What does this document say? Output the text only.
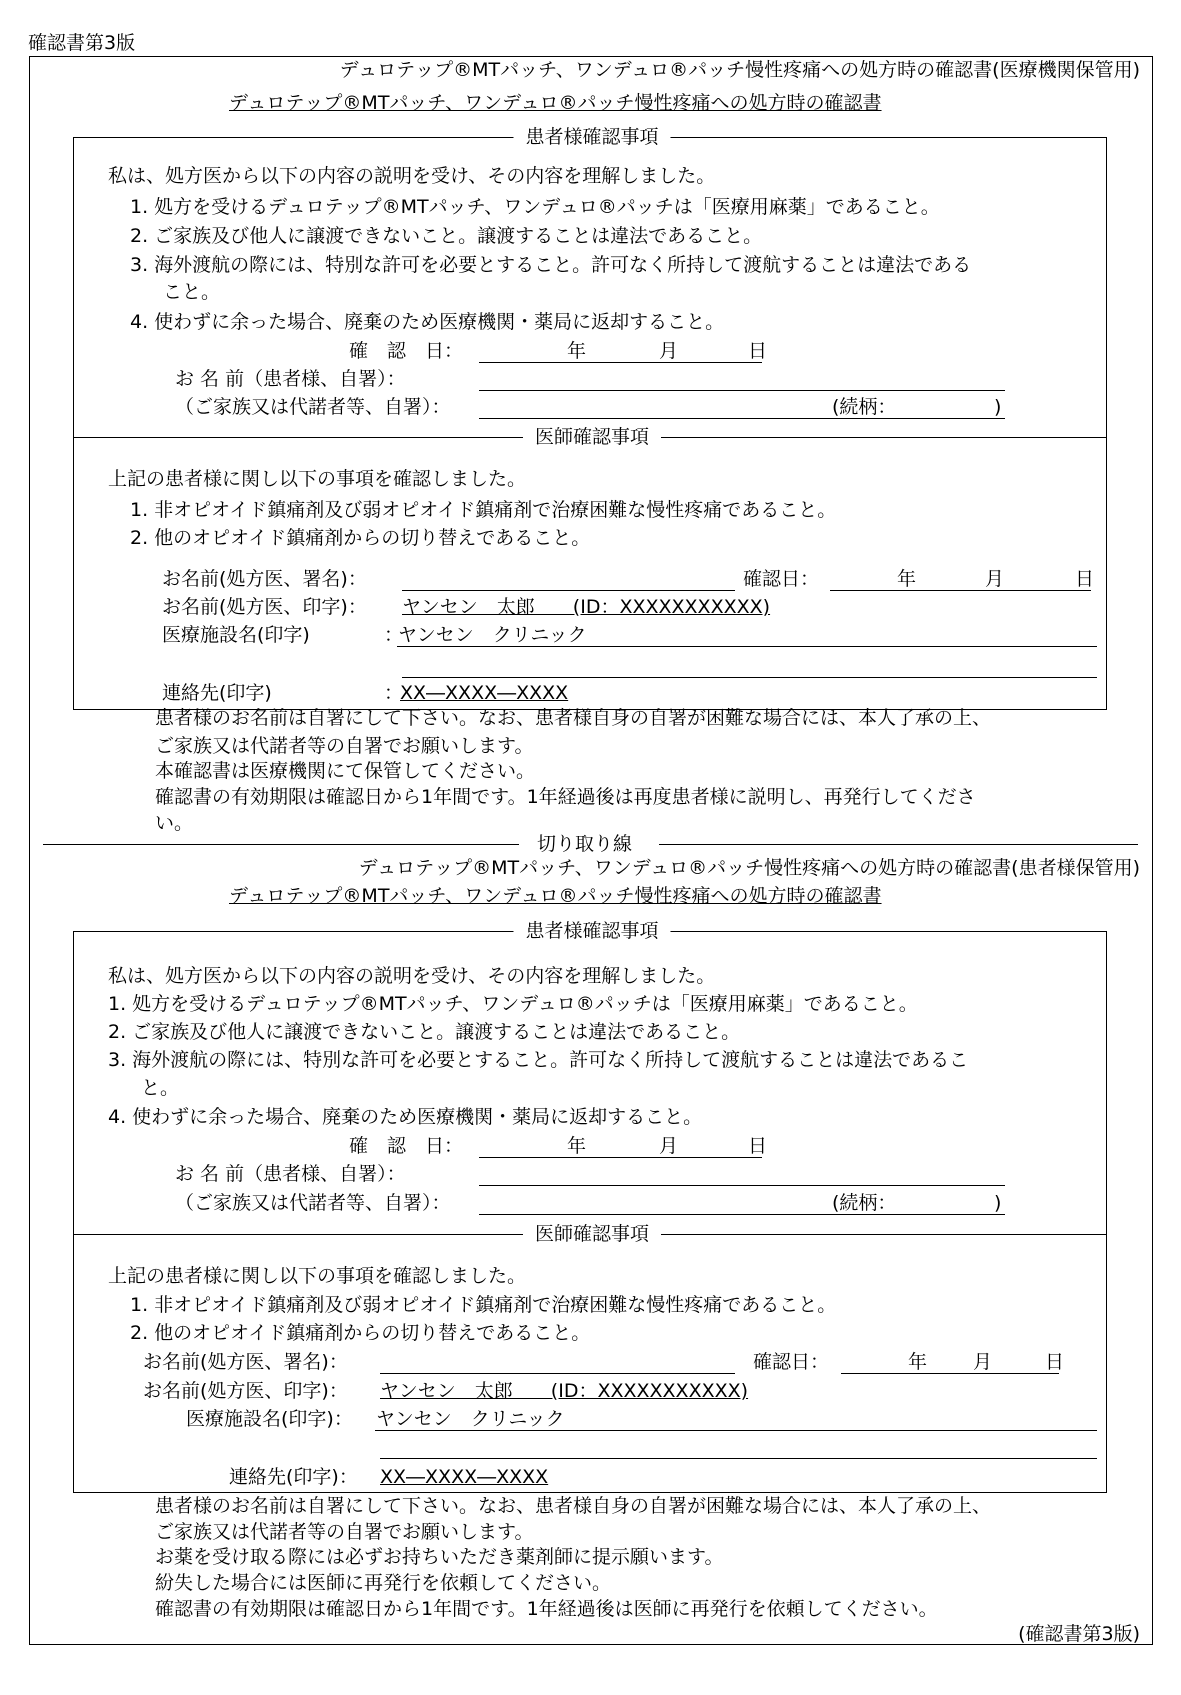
確認書第3版
デュロテップ®MTパッチ、ワンデュロ®パッチ慢性疼痛への処方時の確認書(医療機関保管用)
デュロテップ®MTパッチ、ワンデュロ®パッチ慢性疼痛への処方時の確認書
患者様確認事項
私は、処方医から以下の内容の説明を受け、その内容を理解しました。
1. 処方を受けるデュロテップ®MTパッチ、ワンデュロ®パッチは「医療用麻薬」であること。
2. ご家族及び他人に譲渡できないこと。譲渡することは違法であること。
3. 海外渡航の際には、特別な許可を必要とすること。許可なく所持して渡航することは違法である
こと。
4. 使わずに余った場合、廃棄のため医療機関・薬局に返却すること。
確　認　日：	年	月	日
お 名 前（患者様、自署）：
（ご家族又は代諾者等、自署）：	(続柄：	)
医師確認事項
上記の患者様に関し以下の事項を確認しました。
1. 非オピオイド鎮痛剤及び弱オピオイド鎮痛剤で治療困難な慢性疼痛であること。
2. 他のオピオイド鎮痛剤からの切り替えであること。
お名前(処方医、署名)：	確認日：	年	月	日
お名前(処方医、印字)： ヤンセン　太郎　　(ID：XXXXXXXXXXX)
医療施設名(印字)	：
ヤンセン　クリニック
連絡先(印字)	：
XX―XXXX―XXXX
患者様のお名前は自署にして下さい。なお、患者様自身の自署が困難な場合には、本人了承の上、
ご家族又は代諾者等の自署でお願いします。
本確認書は医療機関にて保管してください。
確認書の有効期限は確認日から1年間です。1年経過後は再度患者様に説明し、再発行してくださ
い。
切り取り線
デュロテップ®MTパッチ、ワンデュロ®パッチ慢性疼痛への処方時の確認書(患者様保管用)
デュロテップ®MTパッチ、ワンデュロ®パッチ慢性疼痛への処方時の確認書
患者様確認事項
私は、処方医から以下の内容の説明を受け、その内容を理解しました。
1. 処方を受けるデュロテップ®MTパッチ、ワンデュロ®パッチは「医療用麻薬」であること。
2. ご家族及び他人に譲渡できないこと。譲渡することは違法であること。
3. 海外渡航の際には、特別な許可を必要とすること。許可なく所持して渡航することは違法であるこ
と。
4. 使わずに余った場合、廃棄のため医療機関・薬局に返却すること。
確　認　日：	年	月	日
お 名 前（患者様、自署）：
（ご家族又は代諾者等、自署）：	(続柄：	)
医師確認事項
上記の患者様に関し以下の事項を確認しました。
1. 非オピオイド鎮痛剤及び弱オピオイド鎮痛剤で治療困難な慢性疼痛であること。
2. 他のオピオイド鎮痛剤からの切り替えであること。
お名前(処方医、署名)：	確認日：	年 月	日
お名前(処方医、印字)： ヤンセン　太郎　　(ID：XXXXXXXXXXX)
医療施設名(印字)： ヤンセン　クリニック
連絡先(印字)： XX―XXXX―XXXX
患者様のお名前は自署にして下さい。なお、患者様自身の自署が困難な場合には、本人了承の上、
ご家族又は代諾者等の自署でお願いします。
お薬を受け取る際には必ずお持ちいただき薬剤師に提示願います。
紛失した場合には医師に再発行を依頼してください。
確認書の有効期限は確認日から1年間です。1年経過後は医師に再発行を依頼してください。
(確認書第3版)
